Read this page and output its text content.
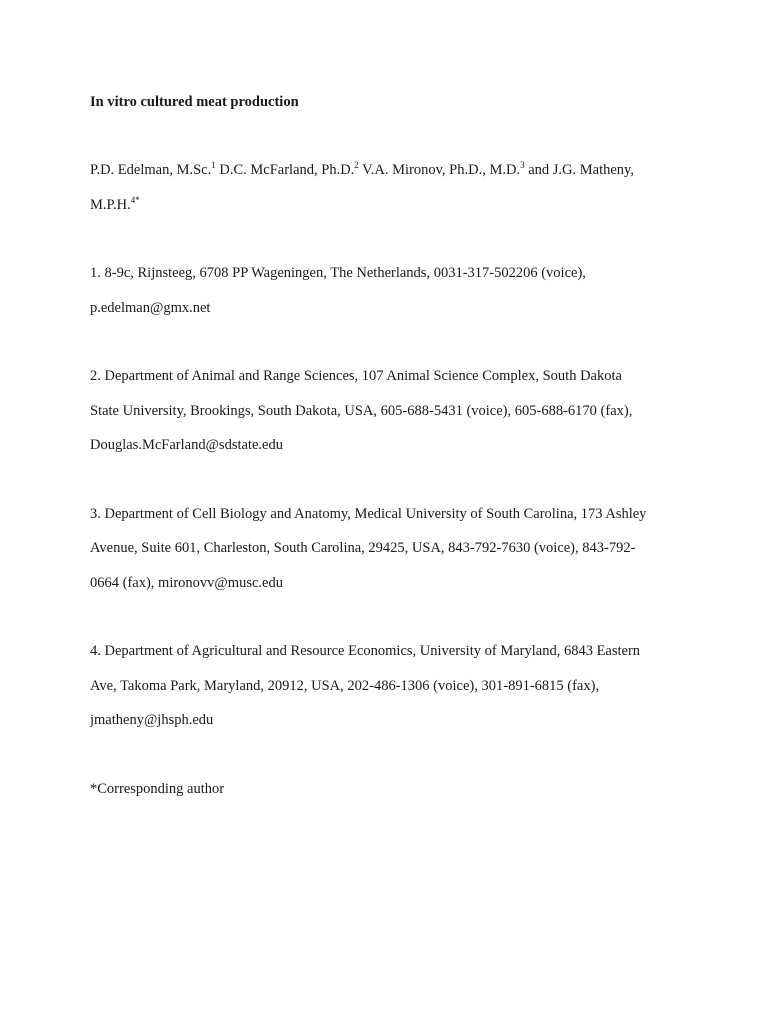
In vitro cultured meat production
P.D. Edelman, M.Sc.$^1$ D.C. McFarland, Ph.D.$^2$ V.A. Mironov, Ph.D., M.D.$^3$ and J.G. Matheny,
M.P.H.$^{4*}$
1. 8-9c, Rijnsteeg, 6708 PP Wageningen, The Netherlands, 0031-317-502206 (voice),
p.edelman@gmx.net
2. Department of Animal and Range Sciences, 107 Animal Science Complex, South Dakota
State University, Brookings, South Dakota, USA, 605-688-5431 (voice), 605-688-6170 (fax),
Douglas.McFarland@sdstate.edu
3. Department of Cell Biology and Anatomy, Medical University of South Carolina, 173 Ashley
Avenue, Suite 601, Charleston, South Carolina, 29425, USA, 843-792-7630 (voice), 843-792-
0664 (fax), mironovv@musc.edu
4. Department of Agricultural and Resource Economics, University of Maryland, 6843 Eastern
Ave, Takoma Park, Maryland, 20912, USA, 202-486-1306 (voice), 301-891-6815 (fax),
jmatheny@jhsph.edu
*Corresponding author
